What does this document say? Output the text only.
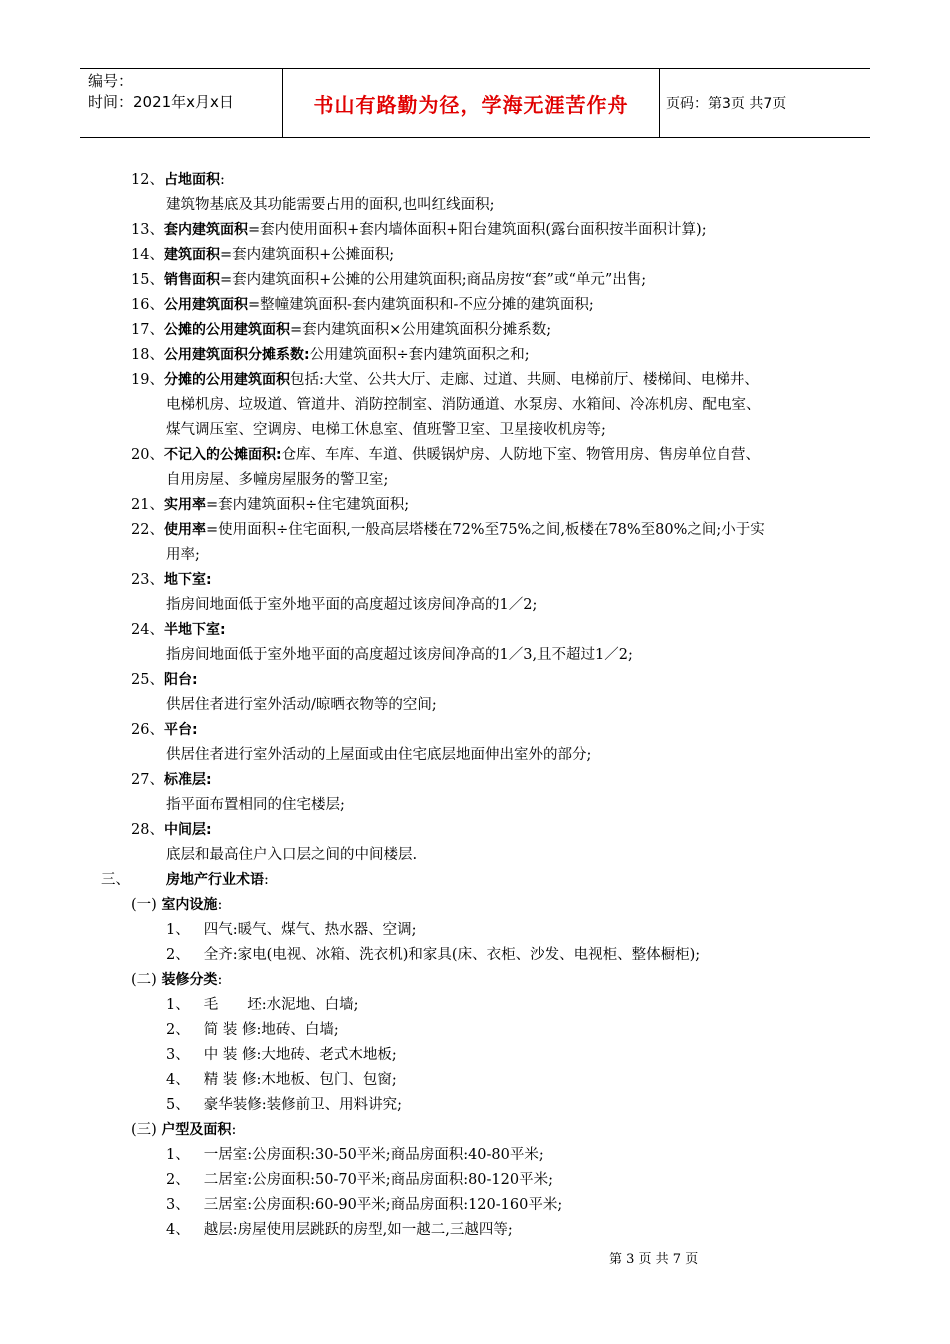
编号：
时间：2021年x月x日	书山有路勤为径，学海无涯苦作舟	页码：第3页 共7页
12、占地面积:
建筑物基底及其功能需要占用的面积,也叫红线面积;
13、套内建筑面积=套内使用面积+套内墙体面积+阳台建筑面积(露台面积按半面积计算);
14、建筑面积=套内建筑面积+公摊面积;
15、销售面积=套内建筑面积+公摊的公用建筑面积;商品房按“套”或“单元”出售;
16、公用建筑面积=整幢建筑面积-套内建筑面积和-不应分摊的建筑面积;
17、公摊的公用建筑面积=套内建筑面积×公用建筑面积分摊系数;
18、公用建筑面积分摊系数:公用建筑面积÷套内建筑面积之和;
19、分摊的公用建筑面积包括:大堂、公共大厅、走廊、过道、共厕、电梯前厅、楼梯间、电梯井、
电梯机房、垃圾道、管道井、消防控制室、消防通道、水泵房、水箱间、冷冻机房、配电室、
煤气调压室、空调房、电梯工休息室、值班警卫室、卫星接收机房等;
20、不记入的公摊面积:仓库、车库、车道、供暖锅炉房、人防地下室、物管用房、售房单位自营、
自用房屋、多幢房屋服务的警卫室;
21、实用率=套内建筑面积÷住宅建筑面积;
22、使用率=使用面积÷住宅面积,一般高层塔楼在72%至75%之间,板楼在78%至80%之间;小于实
用率;
23、地下室:
指房间地面低于室外地平面的高度超过该房间净高的1／2;
24、半地下室:
指房间地面低于室外地平面的高度超过该房间净高的1／3,且不超过1／2;
25、阳台:
供居住者进行室外活动/晾晒衣物等的空间;
26、平台:
供居住者进行室外活动的上屋面或由住宅底层地面伸出室外的部分;
27、标准层:
指平面布置相同的住宅楼层;
28、中间层:
底层和最高住户入口层之间的中间楼层.
三、	房地产行业术语:
(一) 室内设施:
1、 四气:暖气、煤气、热水器、空调;
2、 全齐:家电(电视、冰箱、洗衣机)和家具(床、衣柜、沙发、电视柜、整体橱柜);
(二) 装修分类:
1、 毛　　坯:水泥地、白墙;
2、 简 装 修:地砖、白墙;
3、 中 装 修:大地砖、老式木地板;
4、 精 装 修:木地板、包门、包窗;
5、 豪华装修:装修前卫、用料讲究;
(三) 户型及面积:
1、 一居室:公房面积:30-50平米;商品房面积:40-80平米;
2、 二居室:公房面积:50-70平米;商品房面积:80-120平米;
3、 三居室:公房面积:60-90平米;商品房面积:120-160平米;
4、 越层:房屋使用层跳跃的房型,如一越二,三越四等;
第 3 页 共 7 页
